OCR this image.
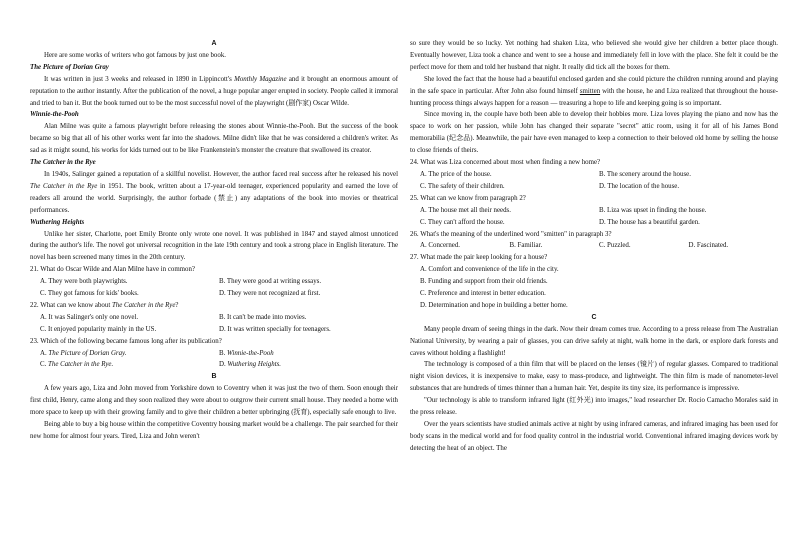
A

Here are some works of writers who got famous by just one book.

The Picture of Dorian Gray

It was written in just 3 weeks and released in 1890 in Lippincott's Monthly Magazine and it brought an enormous amount of reputation to the author instantly. After the publication of the novel, a huge popular anger erupted in society. People called it immoral and tried to ban it. But the book turned out to be the most successful novel of the playwright (剧作家) Oscar Wilde.

Winnie-the-Pooh

Alan Milne was quite a famous playwright before releasing the stones about Winnie-the-Pooh. But the success of the book became so big that all of his other works went far into the shadows. Milne didn't like that he was considered a children's writer. As sad as it might sound, his works for kids turned out to be like Frankenstein's monster the creature that swallowed its creator.

The Catcher in the Rye

In 1940s, Salinger gained a reputation of a skillful novelist. However, the author faced real success after he released his novel The Catcher in the Rye in 1951. The book, written about a 17-year-old teenager, experienced popularity and earned the love of readers all around the world. Surprisingly, the author forbade (禁止) any adaptations of the book into movies or theatrical performances.

Wuthering Heights

Unlike her sister, Charlotte, poet Emily Bronte only wrote one novel. It was published in 1847 and stayed almost unnoticed during the author's life. The novel got universal recognition in the late 19th century and took a strong place in English literature. The novel has been screened many times in the 20th century.

21. What do Oscar Wilde and Alan Milne have in common?

A. They were both playwrights.	B. They were good at writing essays.
C. They got famous for kids' books.	D. They were not recognized at first.

22. What can we know about The Catcher in the Rye?

A. It was Salinger's only one novel.	B. It can't be made into movies.
C. It enjoyed popularity mainly in the US.	D. It was written specially for teenagers.

23. Which of the following became famous long after its publication?

A. The Picture of Dorian Gray.	B. Winnie-the-Pooh
C. The Catcher in the Rye.	D. Wuthering Heights.

B

A few years ago, Liza and John moved from Yorkshire down to Coventry when it was just the two of them. Soon enough their first child, Henry, came along and they soon realized they were about to outgrow their current small house. They needed a home with more space to keep up with their growing family and to give their children a better upbringing (抚育), especially safe enough to live.

Being able to buy a big house within the competitive Coventry housing market would be a challenge. The pair searched for their new home for almost four years. Tired, Liza and John weren't

so sure they would be so lucky. Yet nothing had shaken Liza, who believed she would give her children a better place though. Eventually however, Liza took a chance and went to see a house and immediately fell in love with the place. She felt it could be the perfect move for them and told her husband that night. It really did tick all the boxes for them.

She loved the fact that the house had a beautiful enclosed garden and she could picture the children running around and playing in the safe space in particular. After John also found himself smitten with the house, he and Liza realized that throughout the house-hunting process things always happen for a reason — treasuring a hope to life and keeping going is so important.

Since moving in, the couple have both been able to develop their hobbies more. Liza loves playing the piano and now has the space to work on her passion, while John has changed their separate "secret" attic room, using it for all of his James Bond memorabilia (纪念品). Meanwhile, the pair have even managed to keep a connection to their beloved old home by selling the house to close friends of theirs.

24. What was Liza concerned about most when finding a new home?

A. The price of the house.	B. The scenery around the house.
C. The safety of their children.	D. The location of the house.

25. What can we know from paragraph 2?

A. The house met all their needs.	B. Liza was upset in finding the house.
C. They can't afford the house.	D. The house has a beautiful garden.

26. What's the meaning of the underlined word "smitten" in paragraph 3?

A. Concerned.	B. Familiar.	C. Puzzled.	D. Fascinated.

27. What made the pair keep looking for a house?

A. Comfort and convenience of the life in the city.

B. Funding and support from their old friends.

C. Preference and interest in better education.

D. Determination and hope in building a better home.

C

Many people dream of seeing things in the dark. Now their dream comes true. According to a press release from The Australian National University, by wearing a pair of glasses, you can drive safely at night, walk home in the dark, or explore dark forests and caves without holding a flashlight!

The technology is composed of a thin film that will be placed on the lenses (镜片) of regular glasses. Compared to traditional night vision devices, it is inexpensive to make, easy to mass-produce, and lightweight. The thin film is made of nanometer-level substances that are hundreds of times thinner than a human hair. Yet, despite its tiny size, its performance is impressive.

"Our technology is able to transform infrared light (红外光) into images," lead researcher Dr. Rocio Camacho Morales said in the press release.

Over the years scientists have studied animals active at night by using infrared cameras, and infrared imaging has been used for body scans in the medical world and for food quality control in the industrial world. Conventional infrared imaging devices work by detecting the heat of an object. The
